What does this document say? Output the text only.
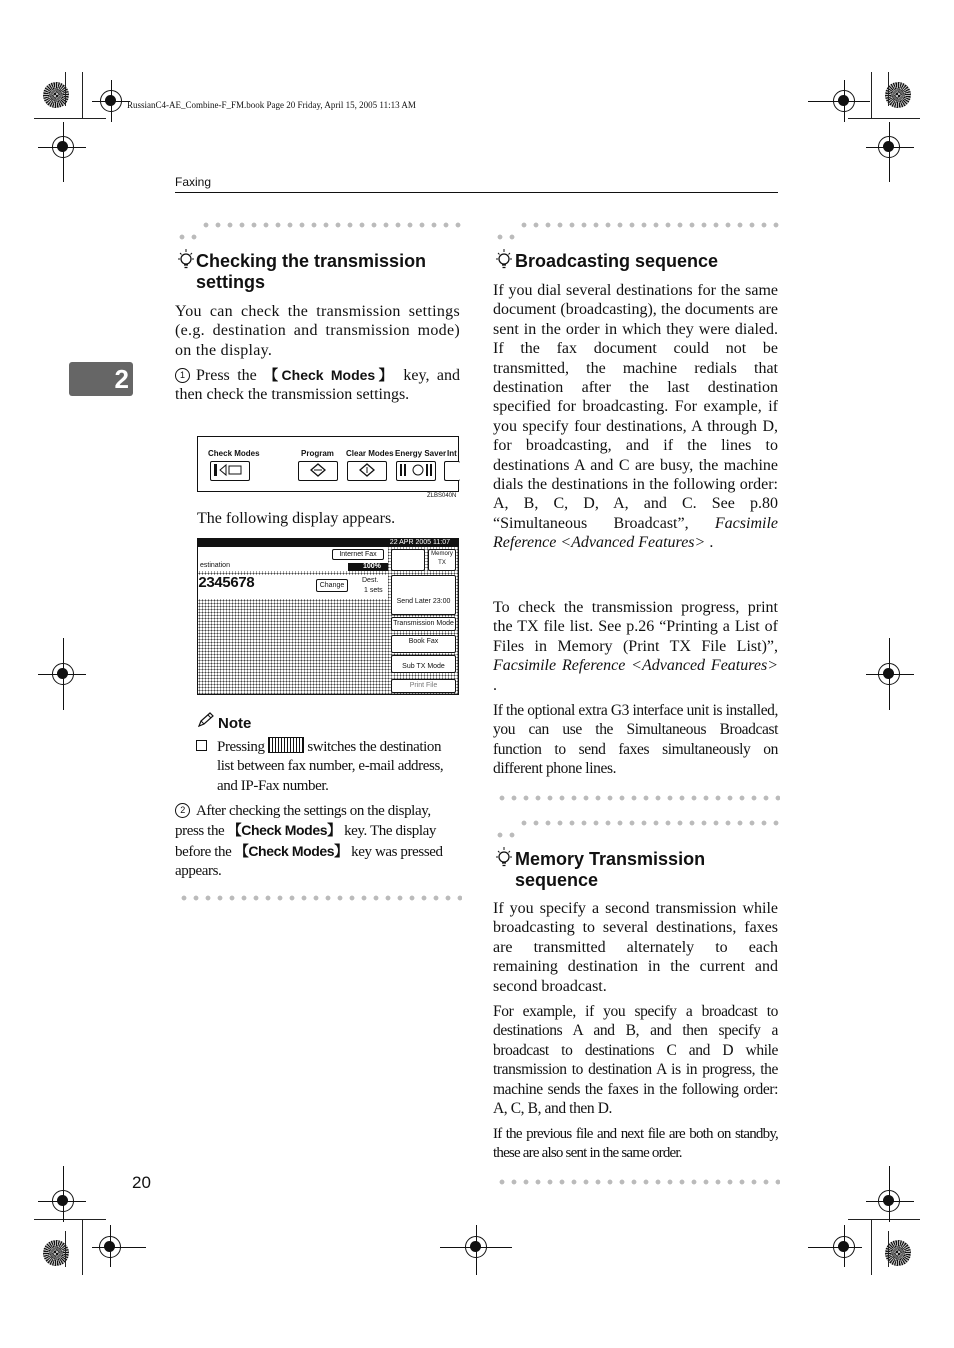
RussianC4-AE_Combine-F_FM.book Page 20 Friday, April 15, 2005 11:13 AM
Faxing
2
Checking the transmission settings
You can check the transmission settings (e.g. destination and transmission mode) on the display.
1 Press the 【Check Modes】 key, and then check the transmission settings.
Check Modes	Program Clear Modes Energy Saver Int
ZLBS040N
The following display appears.
22 APR 2005 11:07
Internet Fax
estination	100%
Memory TX
2345678	Change
Dest.
1 sets
Send Later 23:00
Transmission Mode
Book Fax
Sub TX Mode
Print File
Note
Pressing  switches the destination list between fax number, e-mail address, and IP-Fax number.
2 After checking the settings on the display, press the 【Check Modes】 key. The display before the 【Check Modes】 key was pressed appears.
Broadcasting sequence
If you dial several destinations for the same document (broadcasting), the documents are sent in the order in which they were dialed. If the fax document could not be transmitted, the machine redials that destination after the last destination specified for broadcasting. For example, if you specify four destinations, A through D, for broadcasting, and if the lines to destinations A and C are busy, the machine dials the destinations in the following order: A, B, C, D, A, and C. See p.80 “Simultaneous Broadcast”, Facsimile Reference <Advanced Features> .
To check the transmission progress, print the TX file list. See p.26 “Printing a List of Files in Memory (Print TX File List)”, Facsimile Reference <Advanced Features> .
If the optional extra G3 interface unit is installed, you can use the Simultaneous Broadcast function to send faxes simultaneously on different phone lines.
Memory Transmission sequence
If you specify a second transmission while broadcasting to several destinations, faxes are transmitted alternately to each remaining destination in the current and second broadcast.
For example, if you specify a broadcast to destinations A and B, and then specify a broadcast to destinations C and D while transmission to destination A is in progress, the machine sends the faxes in the following order: A, C, B, and then D.
If the previous file and next file are both on standby, these are also sent in the same order.
20
